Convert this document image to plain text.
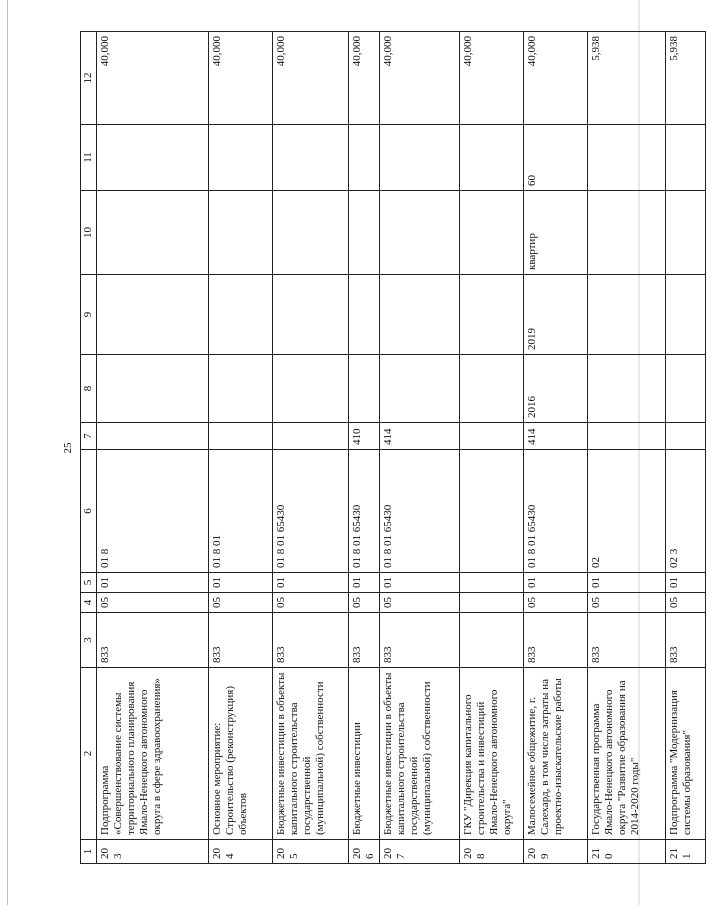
25
1	2	3	4	5	6	7	8	9	10	11	12
203	Подпрограмма «Совершенствование системы территориального планирования Ямало-Ненецкого автономного округа в сфере здравоохранения»	833	05	01	01 8						40,000
204	Основное мероприятие: Строительство (реконструкция) объектов	833	05	01	01 8 01						40,000
205	Бюджетные инвестиции в объекты капитального строительства государственной (муниципальной) собственности	833	05	01	01 8 01 65430						40,000
206	Бюджетные инвестиции	833	05	01	01 8 01 65430	410					40,000
207	Бюджетные инвестиции в объекты капитального строительства государственной (муниципальной) собственности	833	05	01	01 8 01 65430	414					40,000
208	ГКУ "Дирекция капитального строительства и инвестиций Ямало-Ненецкого автономного округа"										40,000
209	Малосемейное общежитие, г. Салехард, в том числе затраты на проектно-изыскательские работы	833	05	01	01 8 01 65430	414	2016	2019	квартир	60	40,000
210	Государственная программа Ямало-Ненецкого автономного округа "Развитие образования на 2014-2020 годы"	833	05	01	02						5,938
211	Подпрограмма "Модернизация системы образования"	833	05	01	02 3						5,938
